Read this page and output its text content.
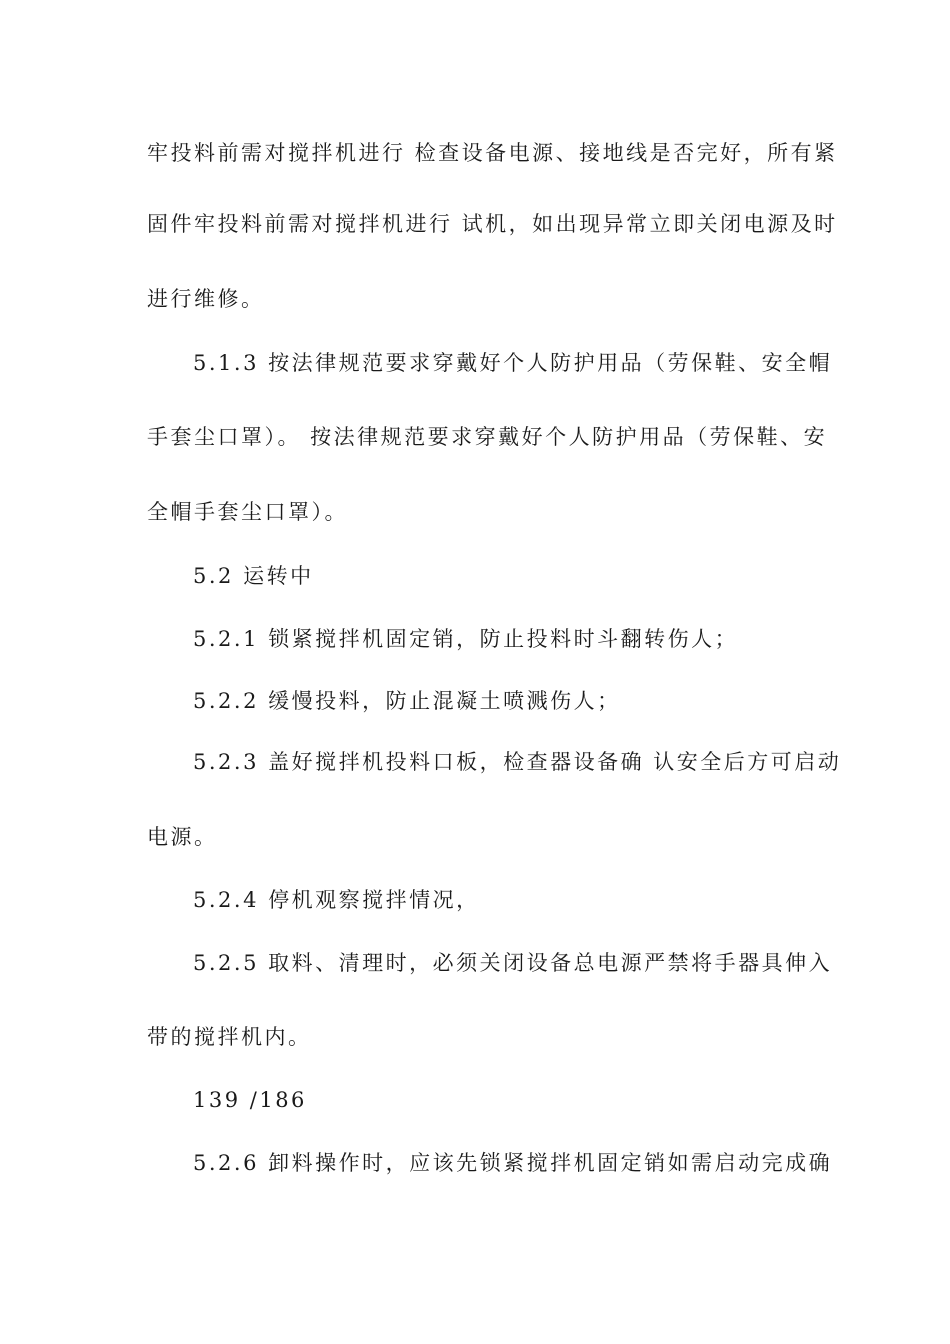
牢投料前需对搅拌机进行 检查设备电源、接地线是否完好，所有紧
固件牢投料前需对搅拌机进行 试机，如出现异常立即关闭电源及时
进行维修。
5.1.3 按法律规范要求穿戴好个人防护用品（劳保鞋、安全帽
手套尘口罩）。 按法律规范要求穿戴好个人防护用品（劳保鞋、安
全帽手套尘口罩）。
5.2 运转中
5.2.1 锁紧搅拌机固定销，防止投料时斗翻转伤人；
5.2.2 缓慢投料，防止混凝土喷溅伤人；
5.2.3 盖好搅拌机投料口板，检查器设备确 认安全后方可启动
电源。
5.2.4 停机观察搅拌情况，
5.2.5 取料、清理时，必须关闭设备总电源严禁将手器具伸入
带的搅拌机内。
139 /186
5.2.6 卸料操作时，应该先锁紧搅拌机固定销如需启动完成确
